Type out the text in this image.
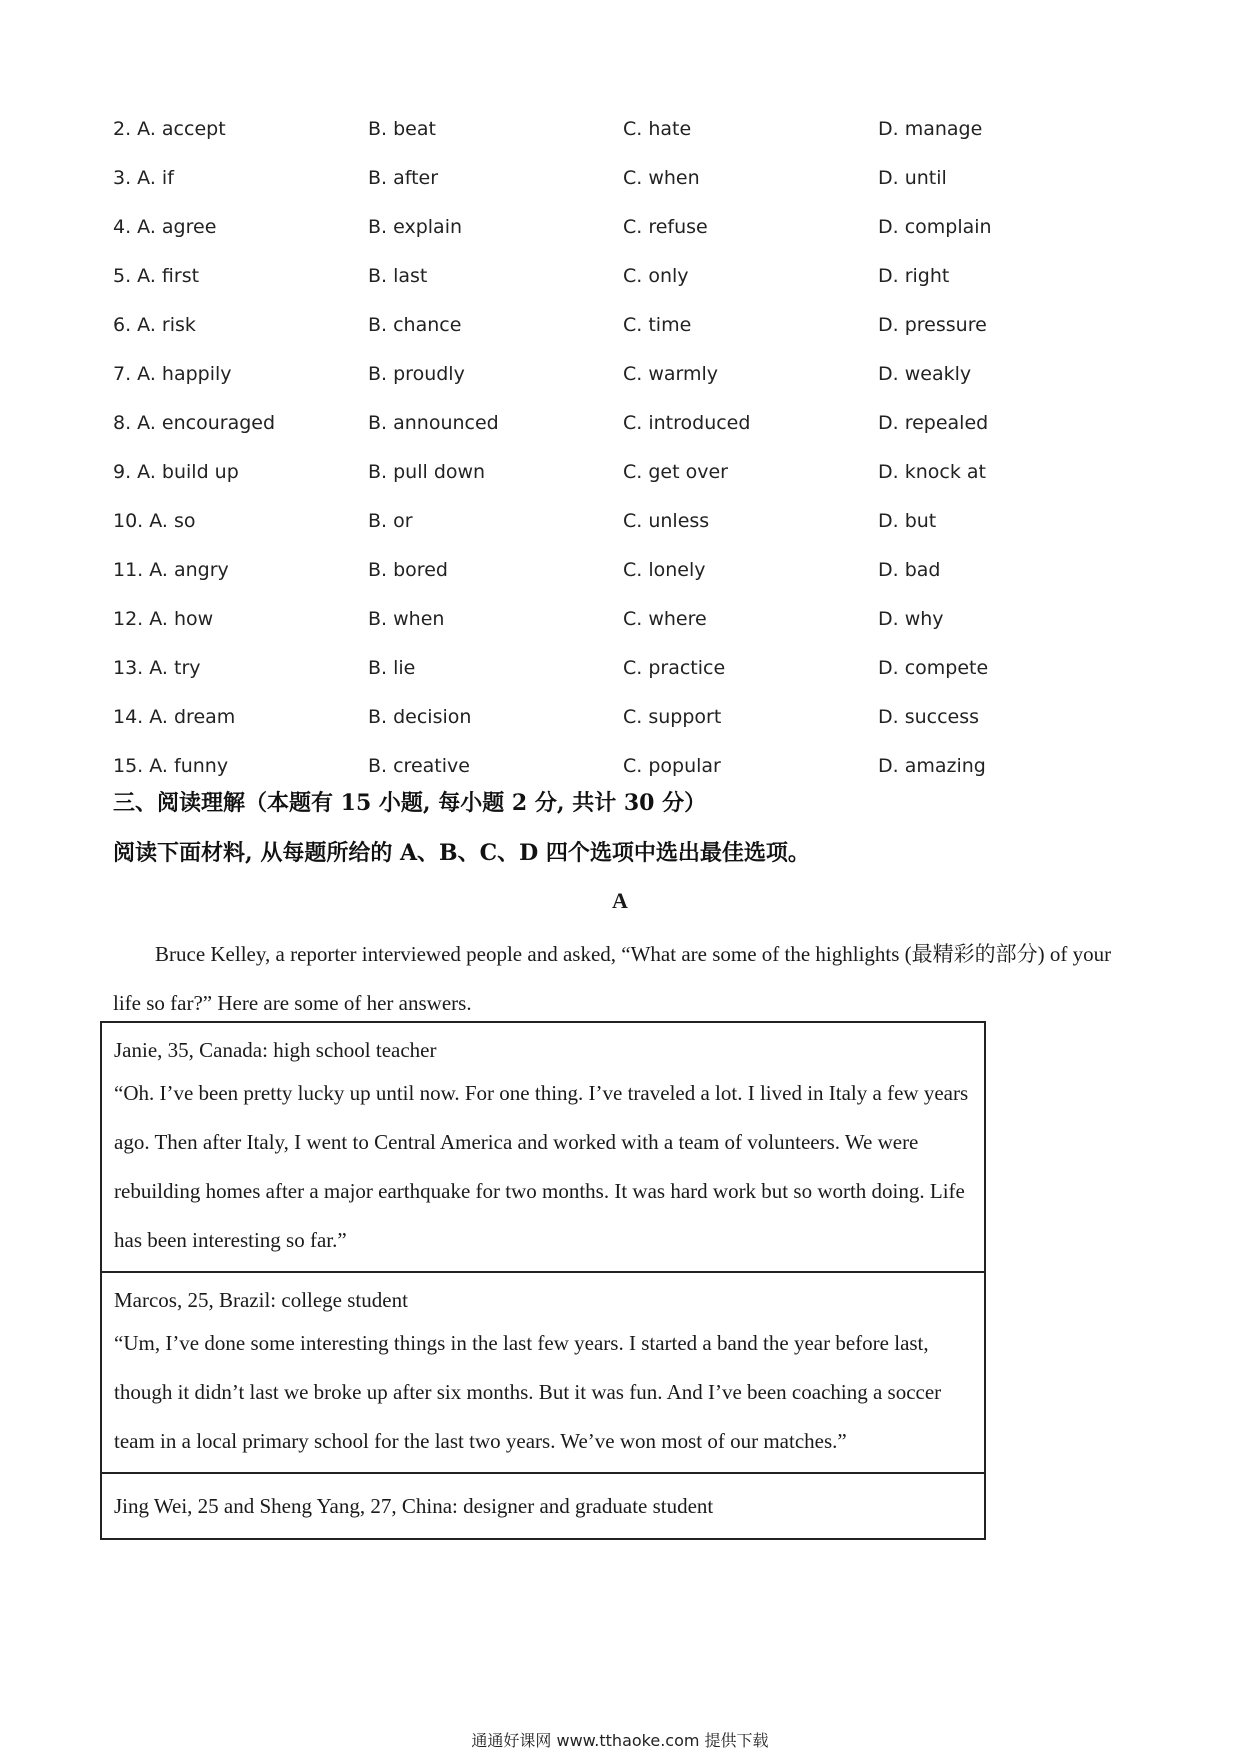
2. A. accept	B. beat	C. hate	D. manage
3. A. if	B. after	C. when	D. until
4. A. agree	B. explain	C. refuse	D. complain
5. A. first	B. last	C. only	D. right
6. A. risk	B. chance	C. time	D. pressure
7. A. happily	B. proudly	C. warmly	D. weakly
8. A. encouraged	B. announced	C. introduced	D. repealed
9. A. build up	B. pull down	C. get over	D. knock at
10. A. so	B. or	C. unless	D. but
11. A. angry	B. bored	C. lonely	D. bad
12. A. how	B. when	C. where	D. why
13. A. try	B. lie	C. practice	D. compete
14. A. dream	B. decision	C. support	D. success
15. A. funny	B. creative	C. popular	D. amazing
三、阅读理解（本题有 15 小题, 每小题 2 分, 共计 30 分）
阅读下面材料, 从每题所给的 A、B、C、D 四个选项中选出最佳选项。
A
Bruce Kelley, a reporter interviewed people and asked, “What are some of the highlights (最精彩的部分) of your life so far?” Here are some of her answers.
Janie, 35, Canada: high school teacher
“Oh. I’ve been pretty lucky up until now. For one thing. I’ve traveled a lot. I lived in Italy a few years ago. Then after Italy, I went to Central America and worked with a team of volunteers. We were rebuilding homes after a major earthquake for two months. It was hard work but so worth doing. Life has been interesting so far.”
Marcos, 25, Brazil: college student
“Um, I’ve done some interesting things in the last few years. I started a band the year before last, though it didn’t last we broke up after six months. But it was fun. And I’ve been coaching a soccer team in a local primary school for the last two years. We’ve won most of our matches.”
Jing Wei, 25 and Sheng Yang, 27, China: designer and graduate student
通通好课网 www.tthaoke.com 提供下载
